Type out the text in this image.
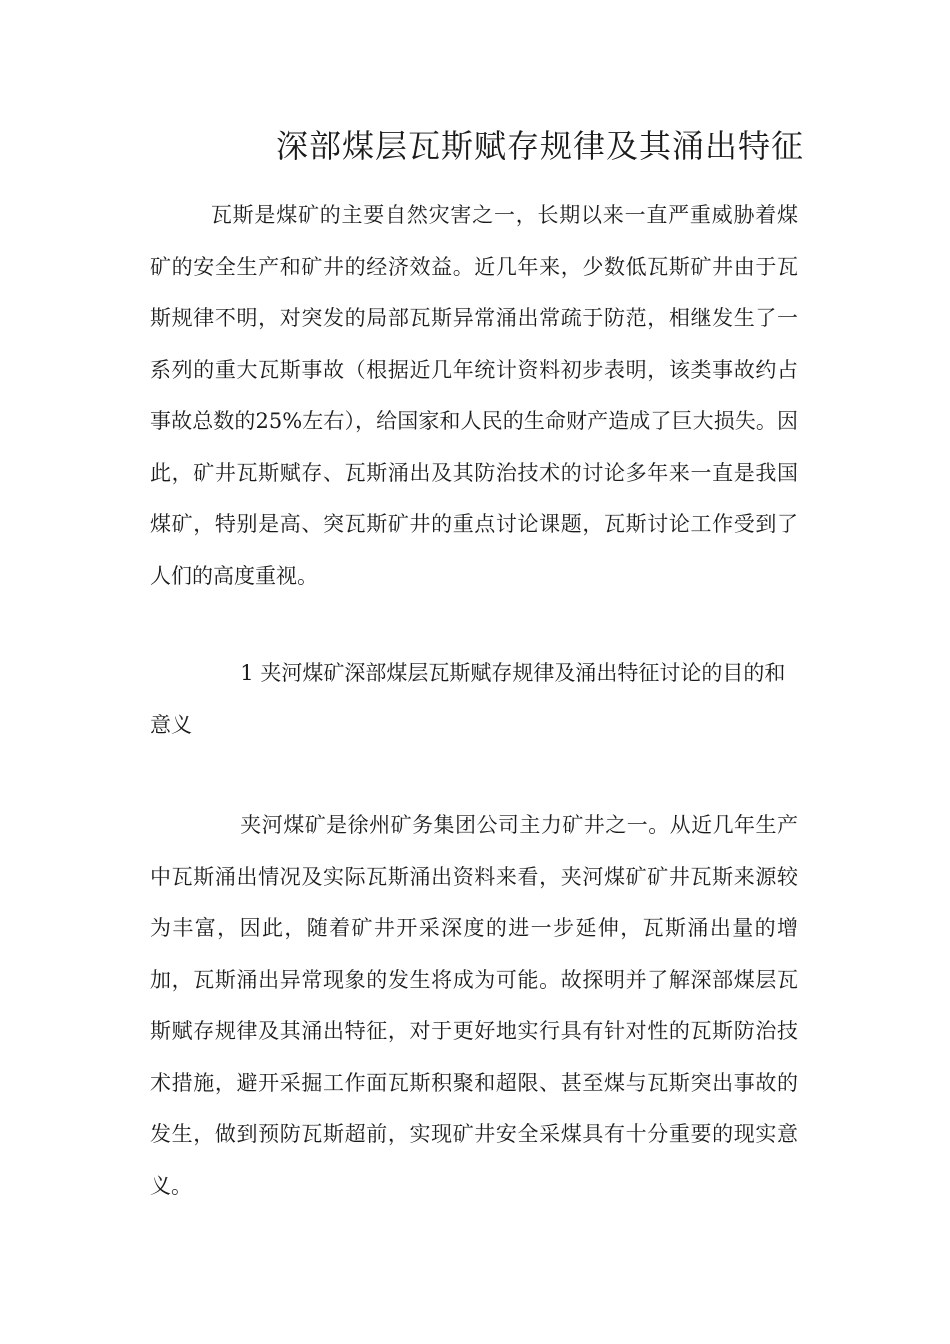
深部煤层瓦斯赋存规律及其涌出特征

瓦斯是煤矿的主要自然灾害之一，长期以来一直严重威胁着煤矿的安全生产和矿井的经济效益。近几年来，少数低瓦斯矿井由于瓦斯规律不明，对突发的局部瓦斯异常涌出常疏于防范，相继发生了一系列的重大瓦斯事故（根据近几年统计资料初步表明，该类事故约占事故总数的25%左右），给国家和人民的生命财产造成了巨大损失。因此，矿井瓦斯赋存、瓦斯涌出及其防治技术的讨论多年来一直是我国煤矿，特别是高、突瓦斯矿井的重点讨论课题，瓦斯讨论工作受到了人们的高度重视。

1 夹河煤矿深部煤层瓦斯赋存规律及涌出特征讨论的目的和意义

夹河煤矿是徐州矿务集团公司主力矿井之一。从近几年生产中瓦斯涌出情况及实际瓦斯涌出资料来看，夹河煤矿矿井瓦斯来源较为丰富，因此，随着矿井开采深度的进一步延伸，瓦斯涌出量的增加，瓦斯涌出异常现象的发生将成为可能。故探明并了解深部煤层瓦斯赋存规律及其涌出特征，对于更好地实行具有针对性的瓦斯防治技术措施，避开采掘工作面瓦斯积聚和超限、甚至煤与瓦斯突出事故的发生，做到预防瓦斯超前，实现矿井安全采煤具有十分重要的现实意义。
